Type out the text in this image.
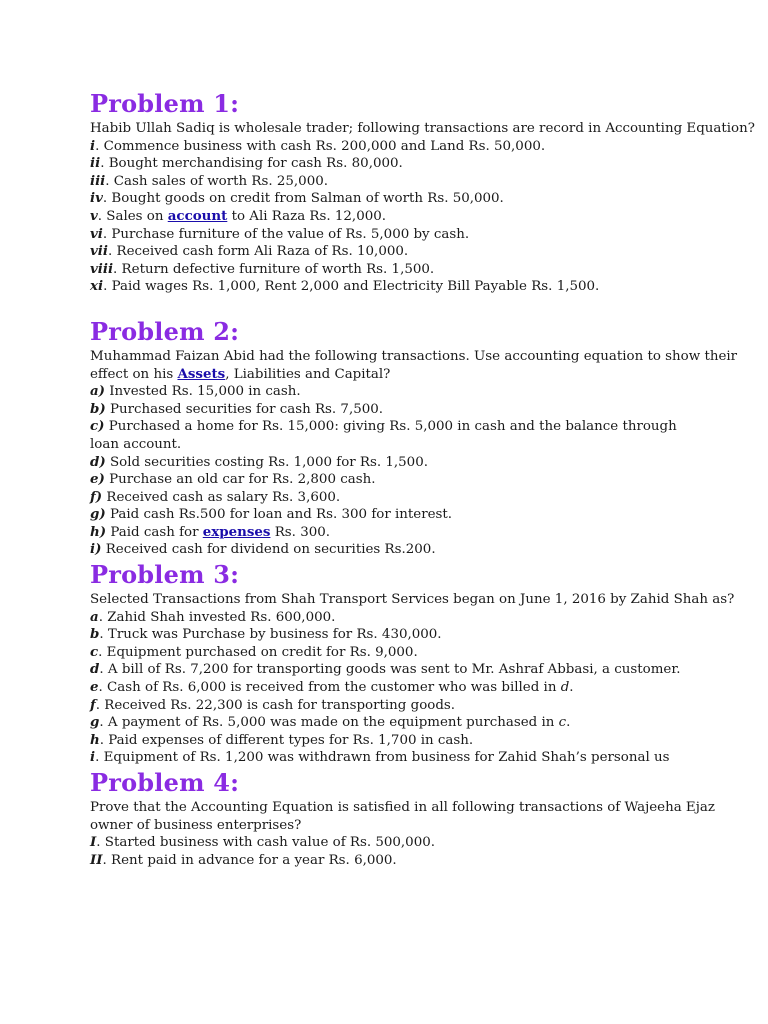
Problem 1:

Habib Ullah Sadiq is wholesale trader; following transactions are record in Accounting Equation?

i. Commence business with cash Rs. 200,000 and Land Rs. 50,000.

ii. Bought merchandising for cash Rs. 80,000.

iii. Cash sales of worth Rs. 25,000.

iv. Bought goods on credit from Salman of worth Rs. 50,000.

v. Sales on account to Ali Raza Rs. 12,000.

vi. Purchase furniture of the value of Rs. 5,000 by cash.

vii. Received cash form Ali Raza of Rs. 10,000.

viii. Return defective furniture of worth Rs. 1,500.

xi. Paid wages Rs. 1,000, Rent 2,000 and Electricity Bill Payable Rs. 1,500.

Problem 2:

Muhammad Faizan Abid had the following transactions. Use accounting equation to show their effect on his Assets, Liabilities and Capital?

a) Invested Rs. 15,000 in cash.

b) Purchased securities for cash Rs. 7,500.

c) Purchased a home for Rs. 15,000: giving Rs. 5,000 in cash and the balance through

loan account.

d) Sold securities costing Rs. 1,000 for Rs. 1,500.

e) Purchase an old car for Rs. 2,800 cash.

f) Received cash as salary Rs. 3,600.

g) Paid cash Rs.500 for loan and Rs. 300 for interest.

h) Paid cash for expenses Rs. 300.

i) Received cash for dividend on securities Rs.200.

Problem 3:

Selected Transactions from Shah Transport Services began on June 1, 2016 by Zahid Shah as?

a. Zahid Shah invested Rs. 600,000.

b. Truck was Purchase by business for Rs. 430,000.

c. Equipment purchased on credit for Rs. 9,000.

d. A bill of Rs. 7,200 for transporting goods was sent to Mr. Ashraf Abbasi, a customer.

e. Cash of Rs. 6,000 is received from the customer who was billed in d.

f. Received Rs. 22,300 is cash for transporting goods.

g. A payment of Rs. 5,000 was made on the equipment purchased in c.

h. Paid expenses of different types for Rs. 1,700 in cash.

i. Equipment of Rs. 1,200 was withdrawn from business for Zahid Shah’s personal us

Problem 4:

Prove that the Accounting Equation is satisfied in all following transactions of Wajeeha Ejaz owner of business enterprises?

I. Started business with cash value of Rs. 500,000.

II. Rent paid in advance for a year Rs. 6,000.
